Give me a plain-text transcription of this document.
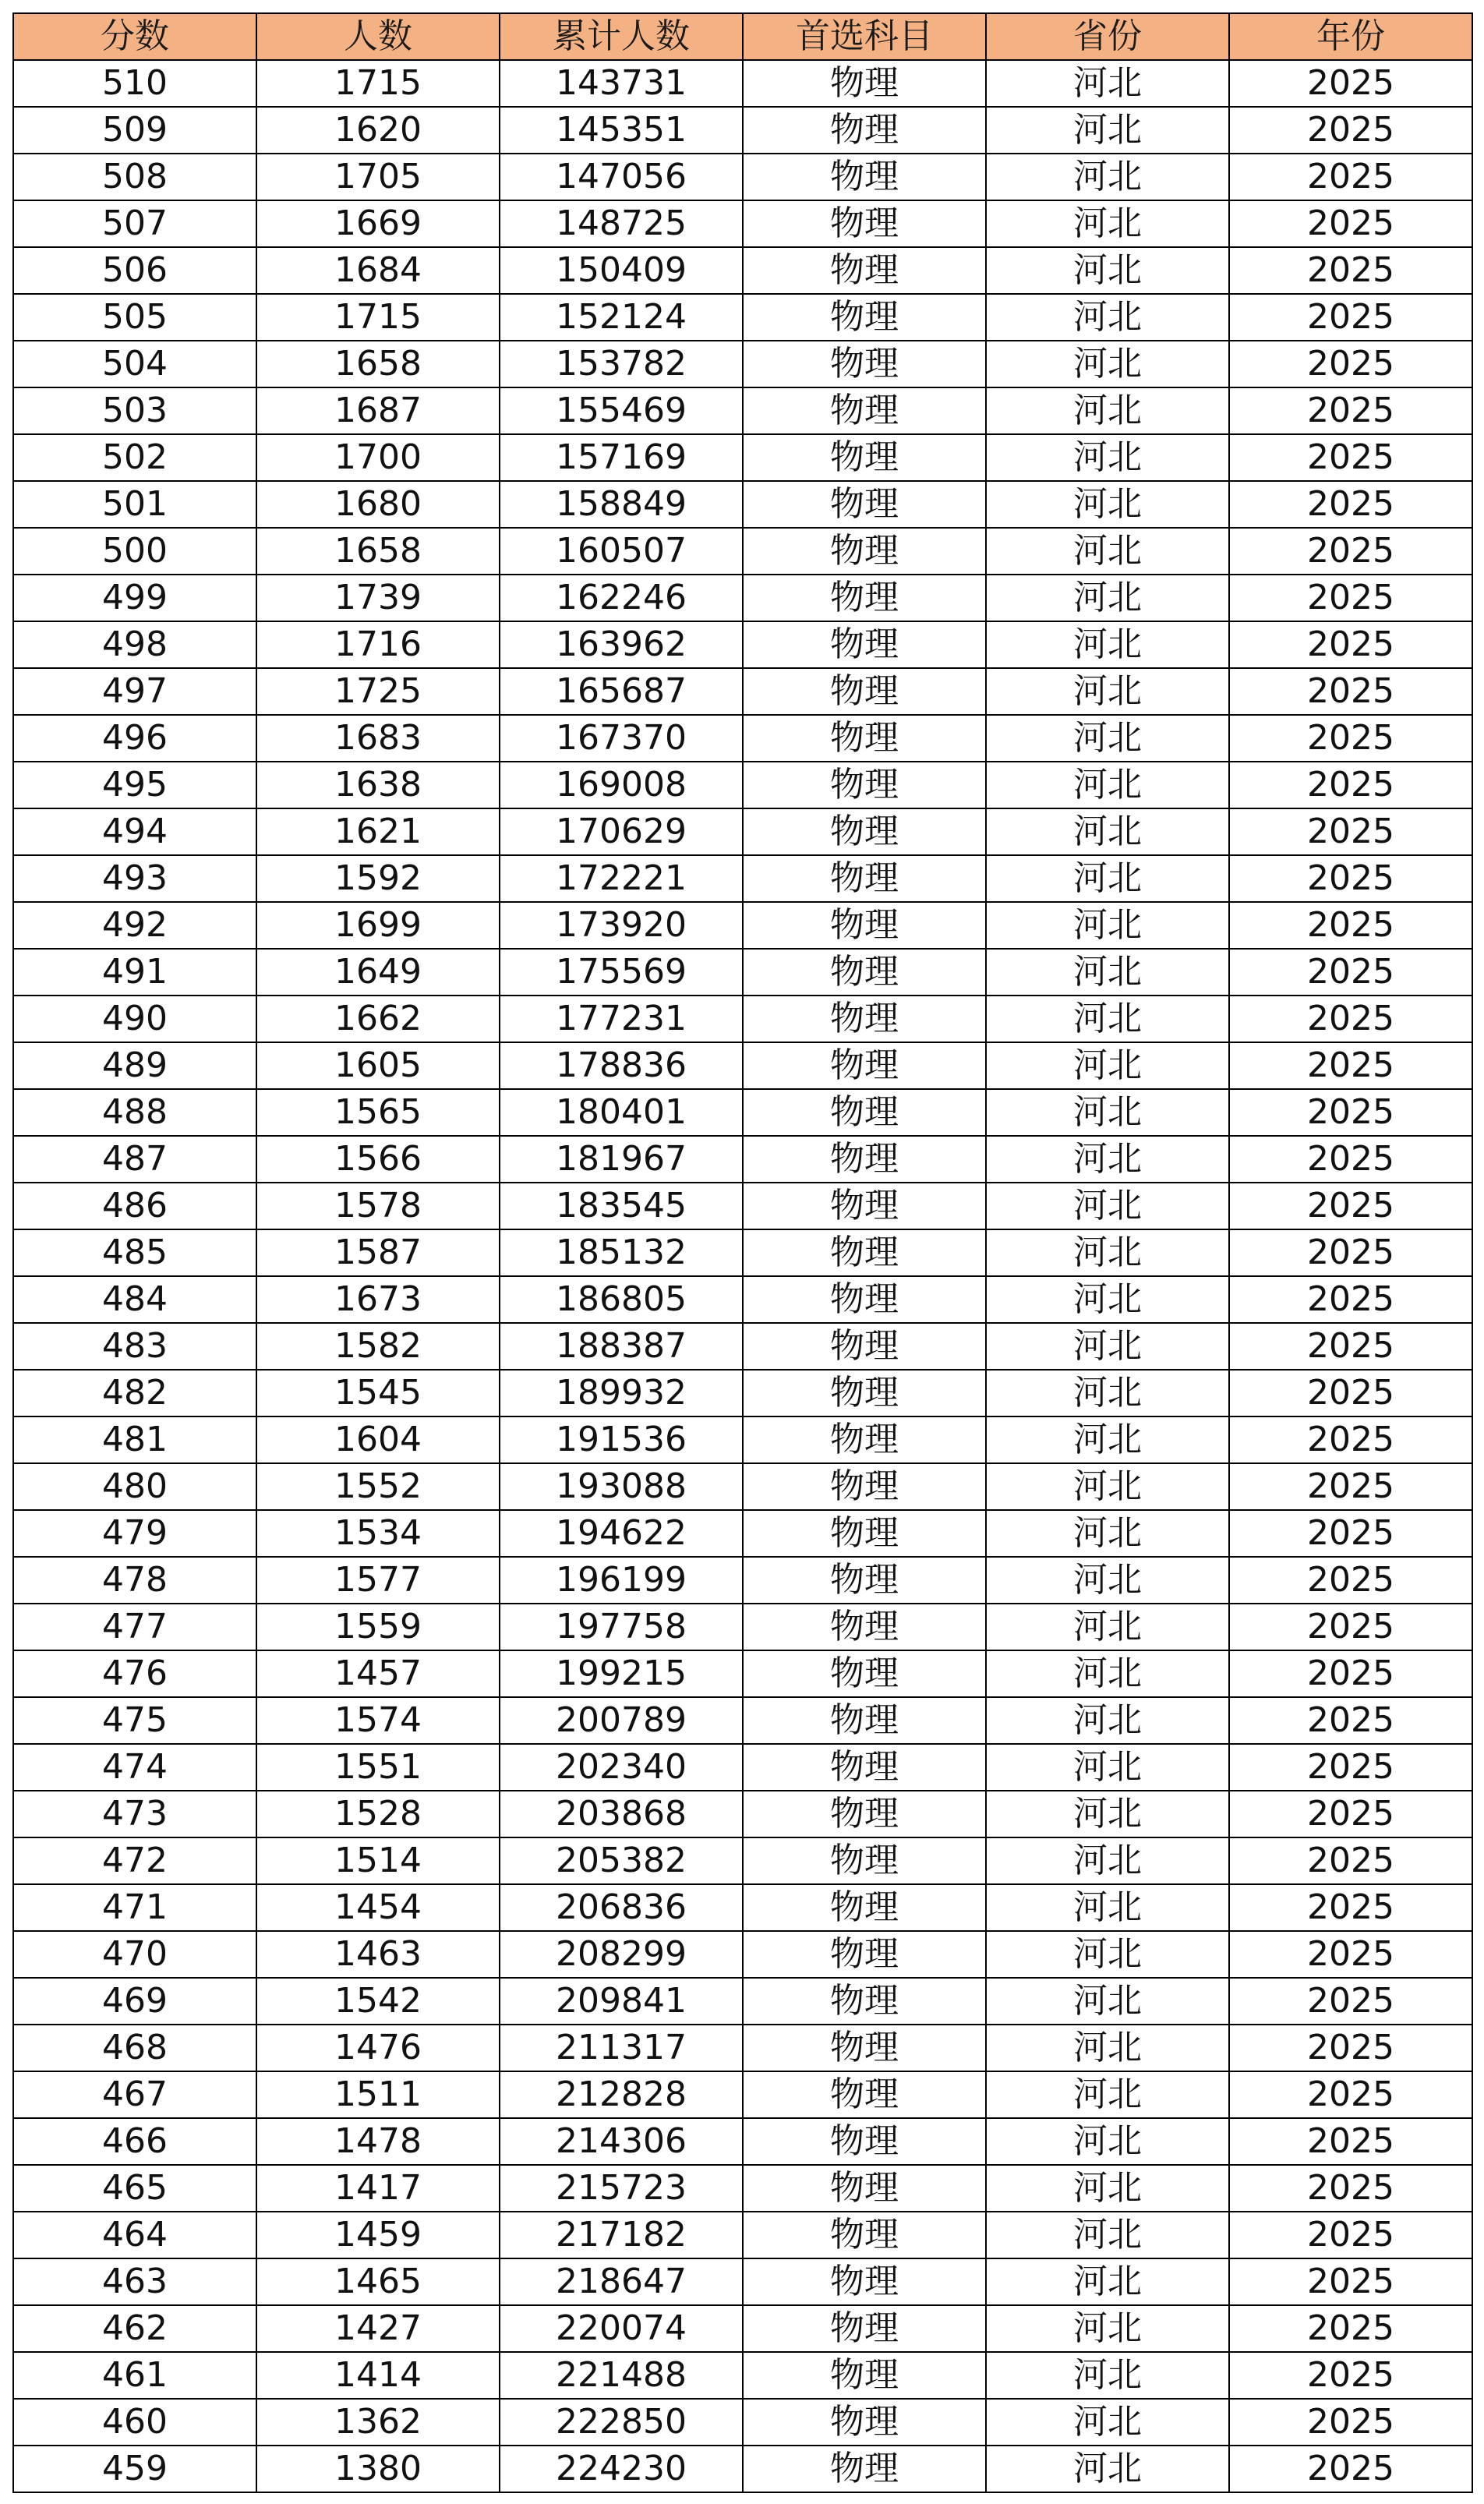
分数	人数	累计人数	首选科目	省份	年份
510	1715	143731	物理	河北	2025
509	1620	145351	物理	河北	2025
508	1705	147056	物理	河北	2025
507	1669	148725	物理	河北	2025
506	1684	150409	物理	河北	2025
505	1715	152124	物理	河北	2025
504	1658	153782	物理	河北	2025
503	1687	155469	物理	河北	2025
502	1700	157169	物理	河北	2025
501	1680	158849	物理	河北	2025
500	1658	160507	物理	河北	2025
499	1739	162246	物理	河北	2025
498	1716	163962	物理	河北	2025
497	1725	165687	物理	河北	2025
496	1683	167370	物理	河北	2025
495	1638	169008	物理	河北	2025
494	1621	170629	物理	河北	2025
493	1592	172221	物理	河北	2025
492	1699	173920	物理	河北	2025
491	1649	175569	物理	河北	2025
490	1662	177231	物理	河北	2025
489	1605	178836	物理	河北	2025
488	1565	180401	物理	河北	2025
487	1566	181967	物理	河北	2025
486	1578	183545	物理	河北	2025
485	1587	185132	物理	河北	2025
484	1673	186805	物理	河北	2025
483	1582	188387	物理	河北	2025
482	1545	189932	物理	河北	2025
481	1604	191536	物理	河北	2025
480	1552	193088	物理	河北	2025
479	1534	194622	物理	河北	2025
478	1577	196199	物理	河北	2025
477	1559	197758	物理	河北	2025
476	1457	199215	物理	河北	2025
475	1574	200789	物理	河北	2025
474	1551	202340	物理	河北	2025
473	1528	203868	物理	河北	2025
472	1514	205382	物理	河北	2025
471	1454	206836	物理	河北	2025
470	1463	208299	物理	河北	2025
469	1542	209841	物理	河北	2025
468	1476	211317	物理	河北	2025
467	1511	212828	物理	河北	2025
466	1478	214306	物理	河北	2025
465	1417	215723	物理	河北	2025
464	1459	217182	物理	河北	2025
463	1465	218647	物理	河北	2025
462	1427	220074	物理	河北	2025
461	1414	221488	物理	河北	2025
460	1362	222850	物理	河北	2025
459	1380	224230	物理	河北	2025
